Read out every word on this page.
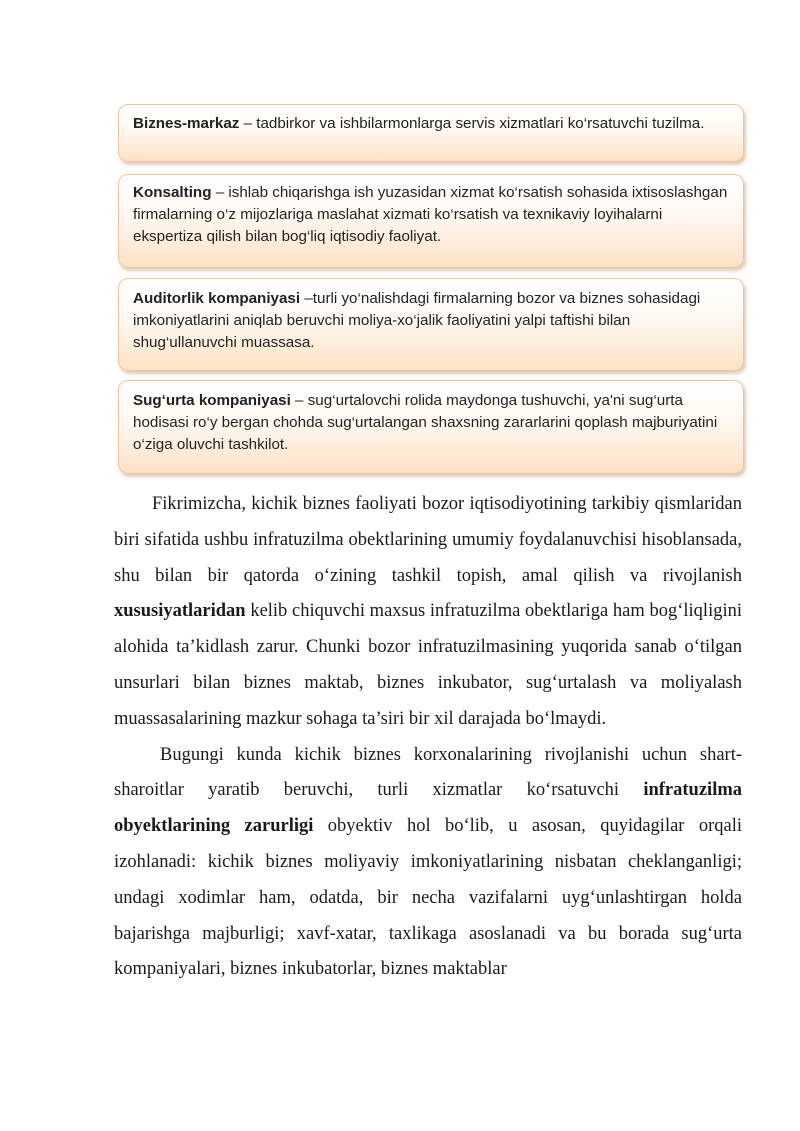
Biznes-markaz – tadbirkor va ishbilarmonlarga servis xizmatlari ko‘rsatuvchi tuzilma.
Konsalting – ishlab chiqarishga ish yuzasidan xizmat ko‘rsatish sohasida ixtisoslashgan firmalarning o‘z mijozlariga maslahat xizmati ko‘rsatish va texnikaviy loyihalarni ekspertiza qilish bilan bog‘liq iqtisodiy faoliyat.
Auditorlik kompaniyasi –turli yo‘nalishdagi firmalarning bozor va biznes sohasidagi imkoniyatlarini aniqlab beruvchi moliya-xo‘jalik faoliyatini yalpi taftishi bilan shug‘ullanuvchi muassasa.
Sug‘urta kompaniyasi – sug‘urtalovchi rolida maydonga tushuvchi, ya'ni sug‘urta hodisasi ro‘y bergan chohda sug‘urtalangan shaxsning zararlarini qoplash majburiyatini o‘ziga oluvchi tashkilot.

Fikrimizcha, kichik biznes faoliyati bozor iqtisodiyotining tarkibiy qismlaridan biri sifatida ushbu infratuzilma obektlarining umumiy foydalanuvchisi hisoblansada, shu bilan bir qatorda o‘zining tashkil topish, amal qilish va rivojlanish xususiyatlaridan kelib chiquvchi maxsus infratuzilma obektlariga ham bog‘liqligini alohida ta’kidlash zarur. Chunki bozor infratuzilmasining yuqorida sanab o‘tilgan unsurlari bilan biznes maktab, biznes inkubator, sug‘urtalash va moliyalash muassasalarining mazkur sohaga ta’siri bir xil darajada bo‘lmaydi.

Bugungi kunda kichik biznes korxonalarining rivojlanishi uchun shart-sharoitlar yaratib beruvchi, turli xizmatlar ko‘rsatuvchi infratuzilma obyektlarining zarurligi obyektiv hol bo‘lib, u asosan, quyidagilar orqali izohlanadi: kichik biznes moliyaviy imkoniyatlarining nisbatan cheklanganligi; undagi xodimlar ham, odatda, bir necha vazifalarni uyg‘unlashtirgan holda bajarishga majburligi; xavf-xatar, taxlikaga asoslanadi va bu borada sug‘urta kompaniyalari, biznes inkubatorlar, biznes maktablar
